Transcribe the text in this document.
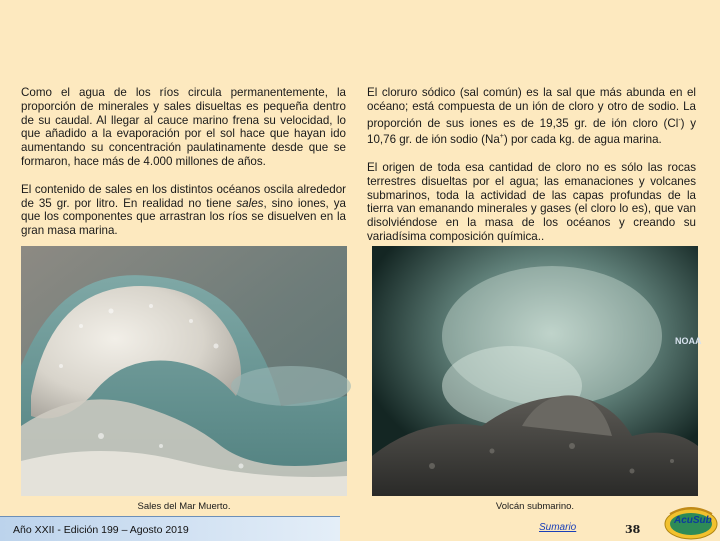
Como el agua de los ríos circula permanentemente, la proporción de minerales y sales disueltas es pequeña dentro de su caudal. Al llegar al cauce marino frena su velocidad, lo que añadido a la evaporación por el sol hace que hayan ido aumentando su concentración paulatinamente desde que se formaron, hace más de 4.000 millones de años.

El contenido de sales en los distintos océanos oscila alrededor de 35 gr. por litro. En realidad no tiene sales, sino iones, ya que los componentes que arrastran los ríos se disuelven en la gran masa marina.

El cloruro sódico (sal común) es la sal que más abunda en el océano; está compuesta de un ión de cloro y otro de sodio. La proporción de sus iones es de 19,35 gr. de ión cloro (Cl-) y 10,76 gr. de ión sodio (Na+) por cada kg. de agua marina.

El origen de toda esa cantidad de cloro no es sólo las rocas terrestres disueltas por el agua; las emanaciones y volcanes submarinos, toda la actividad de las capas profundas de la tierra van emanando minerales y gases (el cloro lo es), que van disolviéndose en la masa de los océanos y creando su variadísima composición química..

NOAA
Sales del Mar Muerto.	Volcán submarino.
Año XXII - Edición 199 – Agosto 2019	Sumario	38
AcuSub
